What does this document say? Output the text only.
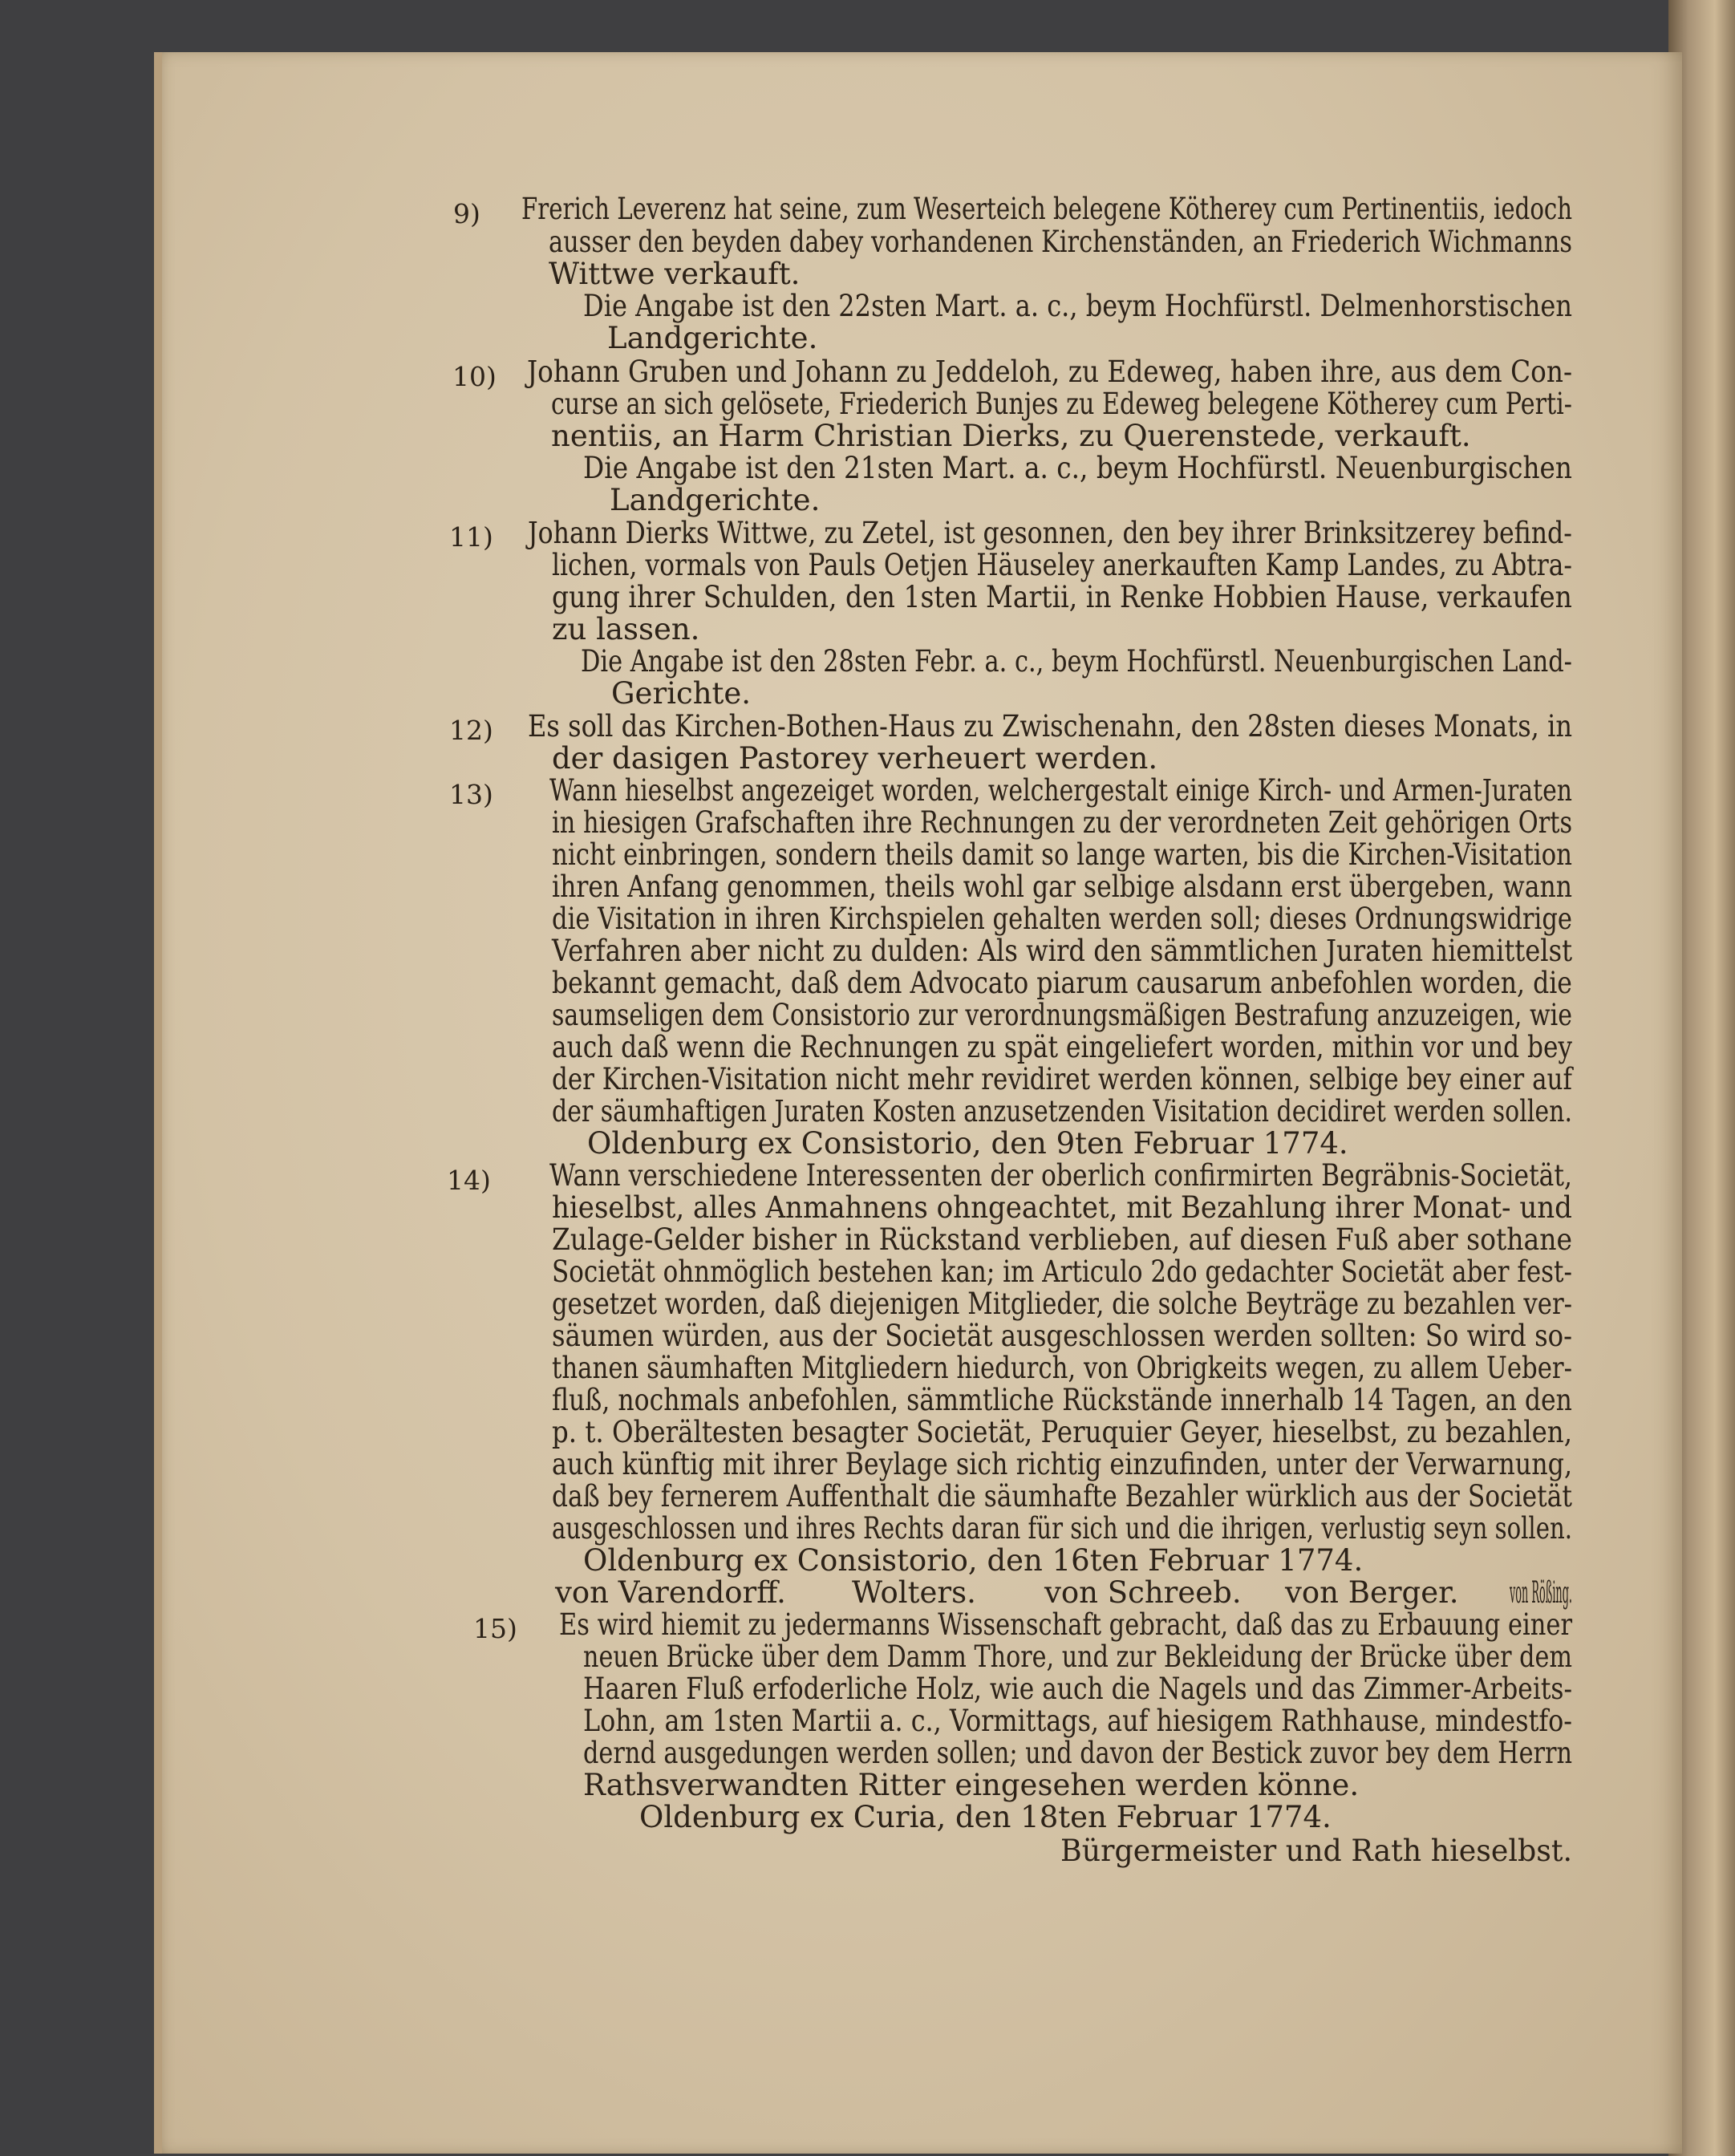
9) Frerich Leverenz hat seine, zum Weserteich belegene Kötherey cum Pertinentiis, iedoch
ausser den beyden dabey vorhandenen Kirchenständen, an Friederich Wichmanns
Wittwe verkauft.
Die Angabe ist den 22sten Mart. a. c., beym Hochfürstl. Delmenhorstischen
Landgerichte.
10) Johann Gruben und Johann zu Jeddeloh, zu Edeweg, haben ihre, aus dem Con-
curse an sich gelösete, Friederich Bunjes zu Edeweg belegene Kötherey cum Perti-
nentiis, an Harm Christian Dierks, zu Querenstede, verkauft.
Die Angabe ist den 21sten Mart. a. c., beym Hochfürstl. Neuenburgischen
Landgerichte.
11) Johann Dierks Wittwe, zu Zetel, ist gesonnen, den bey ihrer Brinksitzerey befind-
lichen, vormals von Pauls Oetjen Häuseley anerkauften Kamp Landes, zu Abtra-
gung ihrer Schulden, den 1sten Martii, in Renke Hobbien Hause, verkaufen
zu lassen.
Die Angabe ist den 28sten Febr. a. c., beym Hochfürstl. Neuenburgischen Land-
Gerichte.
12) Es soll das Kirchen-Bothen-Haus zu Zwischenahn, den 28sten dieses Monats, in
der dasigen Pastorey verheuert werden.
13) Wann hieselbst angezeiget worden, welchergestalt einige Kirch- und Armen-Juraten
in hiesigen Grafschaften ihre Rechnungen zu der verordneten Zeit gehörigen Orts
nicht einbringen, sondern theils damit so lange warten, bis die Kirchen-Visitation
ihren Anfang genommen, theils wohl gar selbige alsdann erst übergeben, wann
die Visitation in ihren Kirchspielen gehalten werden soll; dieses Ordnungswidrige
Verfahren aber nicht zu dulden: Als wird den sämmtlichen Juraten hiemittelst
bekannt gemacht, daß dem Advocato piarum causarum anbefohlen worden, die
saumseligen dem Consistorio zur verordnungsmäßigen Bestrafung anzuzeigen, wie
auch daß wenn die Rechnungen zu spät eingeliefert worden, mithin vor und bey
der Kirchen-Visitation nicht mehr revidiret werden können, selbige bey einer auf
der säumhaftigen Juraten Kosten anzusetzenden Visitation decidiret werden sollen.
Oldenburg ex Consistorio, den 9ten Februar 1774.
14) Wann verschiedene Interessenten der oberlich confirmirten Begräbnis-Societät,
hieselbst, alles Anmahnens ohngeachtet, mit Bezahlung ihrer Monat- und
Zulage-Gelder bisher in Rückstand verblieben, auf diesen Fuß aber sothane
Societät ohnmöglich bestehen kan; im Articulo 2do gedachter Societät aber fest-
gesetzet worden, daß diejenigen Mitglieder, die solche Beyträge zu bezahlen ver-
säumen würden, aus der Societät ausgeschlossen werden sollten: So wird so-
thanen säumhaften Mitgliedern hiedurch, von Obrigkeits wegen, zu allem Ueber-
fluß, nochmals anbefohlen, sämmtliche Rückstände innerhalb 14 Tagen, an den
p. t. Oberältesten besagter Societät, Peruquier Geyer, hieselbst, zu bezahlen,
auch künftig mit ihrer Beylage sich richtig einzufinden, unter der Verwarnung,
daß bey fernerem Auffenthalt die säumhafte Bezahler würklich aus der Societät
ausgeschlossen und ihres Rechts daran für sich und die ihrigen, verlustig seyn sollen.
Oldenburg ex Consistorio, den 16ten Februar 1774.
von Varendorff. Wolters. von Schreeb. von Berger. von Rößing.
15) Es wird hiemit zu jedermanns Wissenschaft gebracht, daß das zu Erbauung einer
neuen Brücke über dem Damm Thore, und zur Bekleidung der Brücke über dem
Haaren Fluß erfoderliche Holz, wie auch die Nagels und das Zimmer-Arbeits-
Lohn, am 1sten Martii a. c., Vormittags, auf hiesigem Rathhause, mindestfo-
dernd ausgedungen werden sollen; und davon der Bestick zuvor bey dem Herrn
Rathsverwandten Ritter eingesehen werden könne.
Oldenburg ex Curia, den 18ten Februar 1774.
Bürgermeister und Rath hieselbst.
